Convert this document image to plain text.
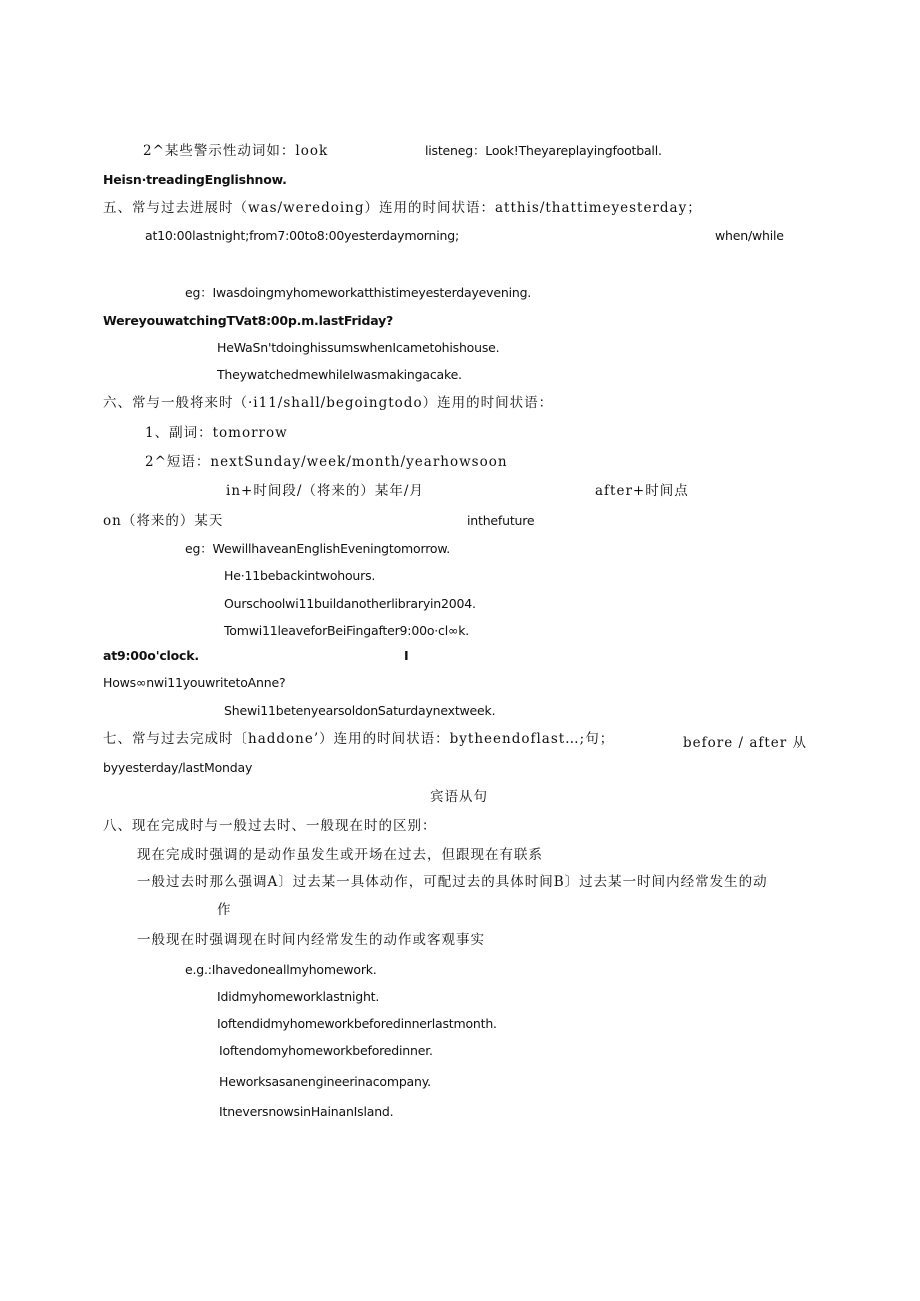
2^某些警示性动词如：look	listeneg：Look!Theyareplayingfootball.
Heisn·treadingEnglishnow.
五、常与过去进展时（was/weredoing）连用的时间状语：atthis/thattimeyesterday；
at10:00lastnight;from7:00to8:00yesterdaymorning;	when/while
eg：Iwasdoingmyhomeworkatthistimeyesterdayevening.
WereyouwatchingTVat8:00p.m.lastFriday?
HeWaSn'tdoinghissumswhenIcametohishouse.
TheywatchedmewhileIwasmakingacake.
六、常与一般将来时（·i11/shall/begoingtodo）连用的时间状语：
1、副词：tomorrow
2^短语：nextSunday/week/month/yearhowsoon
in+时间段/（将来的）某年/月	after+时间点
on（将来的）某天	inthefuture
eg：WewillhaveanEnglishEveningtomorrow.
He·11bebackintwohours.
Ourschoolwi11buildanotherlibraryin2004.
Tomwi11leaveforBeiFingafter9:00o·cl∞k.
at9:00o'clock.	I
Hows∞nwi11youwritetoAnne?
Shewi11betenyearsoldonSaturdaynextweek.
七、常与过去完成时〔haddone’）连用的时间状语：bytheendoflast…;句；	before / after 从
byyesterday/lastMonday
宾语从句
八、现在完成时与一般过去时、一般现在时的区别：
现在完成时强调的是动作虽发生或开场在过去，但跟现在有联系
一般过去时那么强调A〕过去某一具体动作，可配过去的具体时间B〕过去某一时间内经常发生的动
作
一般现在时强调现在时间内经常发生的动作或客观事实
e.g.:Ihavedoneallmyhomework.
Ididmyhomeworklastnight.
Ioftendidmyhomeworkbeforedinnerlastmonth.
Ioftendomyhomeworkbeforedinner.
Heworksasanengineerinacompany.
ItneversnowsinHainanIsland.
